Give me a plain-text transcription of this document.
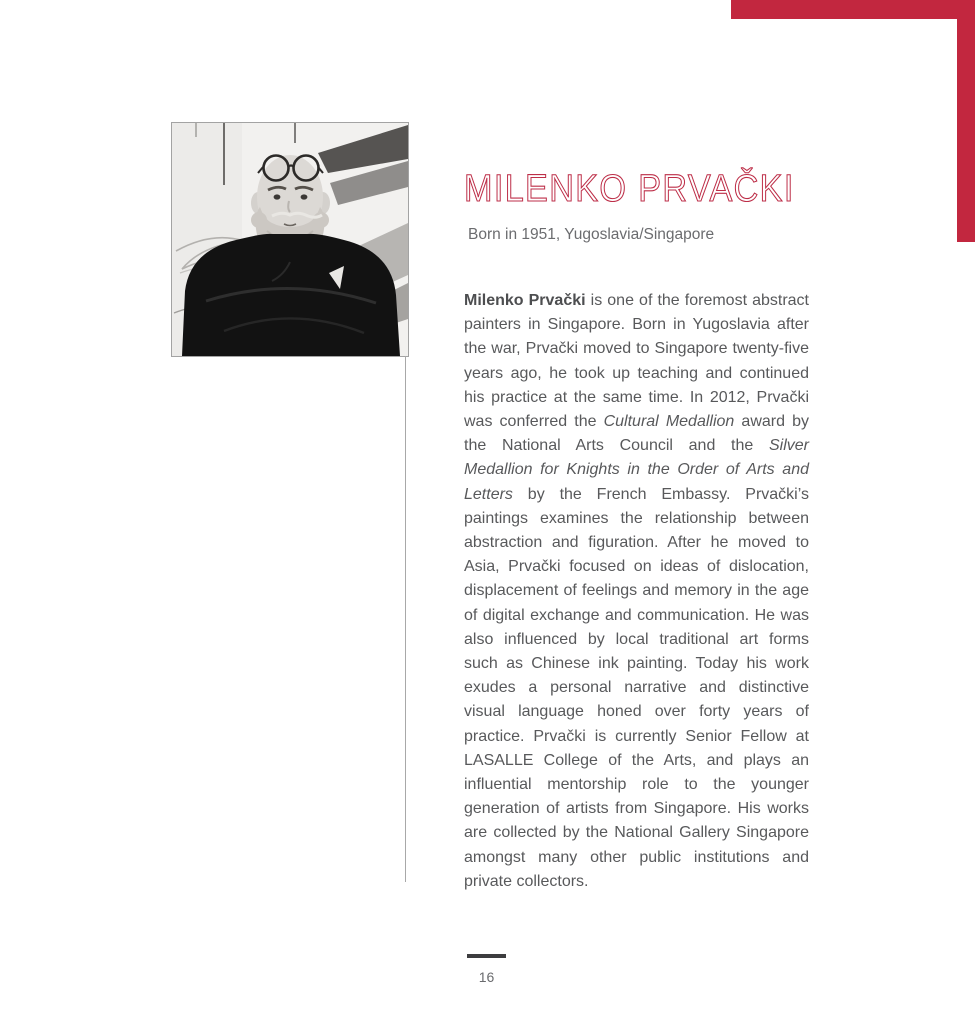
MILENKO PRVAČKI

Born in 1951, Yugoslavia/Singapore

Milenko Prvački is one of the foremost abstract painters in Singapore. Born in Yugoslavia after the war, Prvački moved to Singapore twenty-five years ago, he took up teaching and continued his practice at the same time. In 2012, Prvački was conferred the Cultural Medallion award by the National Arts Council and the Silver Medallion for Knights in the Order of Arts and Letters by the French Embassy. Prvački’s paintings examines the relationship between abstraction and figuration. After he moved to Asia, Prvački focused on ideas of dislocation, displacement of feelings and memory in the age of digital exchange and communication. He was also influenced by local traditional art forms such as Chinese ink painting. Today his work exudes a personal narrative and distinctive visual language honed over forty years of practice. Prvački is currently Senior Fellow at LASALLE College of the Arts, and plays an influential mentorship role to the younger generation of artists from Singapore. His works are collected by the National Gallery Singapore amongst many other public institutions and private collectors.

16
